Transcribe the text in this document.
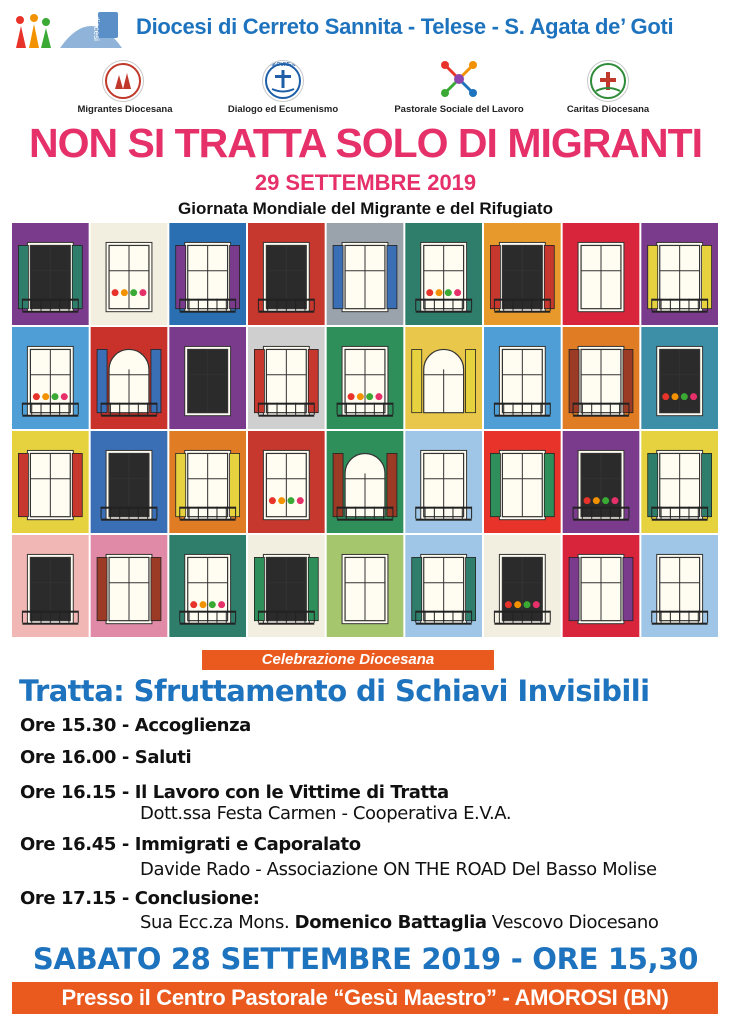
diocesi Diocesi di Cerreto Sannita - Telese - S. Agata de’ Goti
Migrantes Diocesana
OIKOUMENE
Dialogo ed Ecumenismo	Pastorale Sociale del Lavoro	Caritas Diocesana
NON SI TRATTA SOLO DI MIGRANTI
29 SETTEMBRE 2019
Giornata Mondiale del Migrante e del Rifugiato
Celebrazione Diocesana
Tratta: Sfruttamento di Schiavi Invisibili
Ore 15.30 - Accoglienza
Ore 16.00 - Saluti
Ore 16.15 - Il Lavoro con le Vittime di Tratta
Dott.ssa Festa Carmen - Cooperativa E.V.A.
Ore 16.45 - Immigrati e Caporalato
Davide Rado - Associazione ON THE ROAD Del Basso Molise
Ore 17.15 - Conclusione:
Sua Ecc.za Mons. Domenico Battaglia Vescovo Diocesano
SABATO 28 SETTEMBRE 2019 - ORE 15,30
Presso il Centro Pastorale “Gesù Maestro” - AMOROSI (BN)
